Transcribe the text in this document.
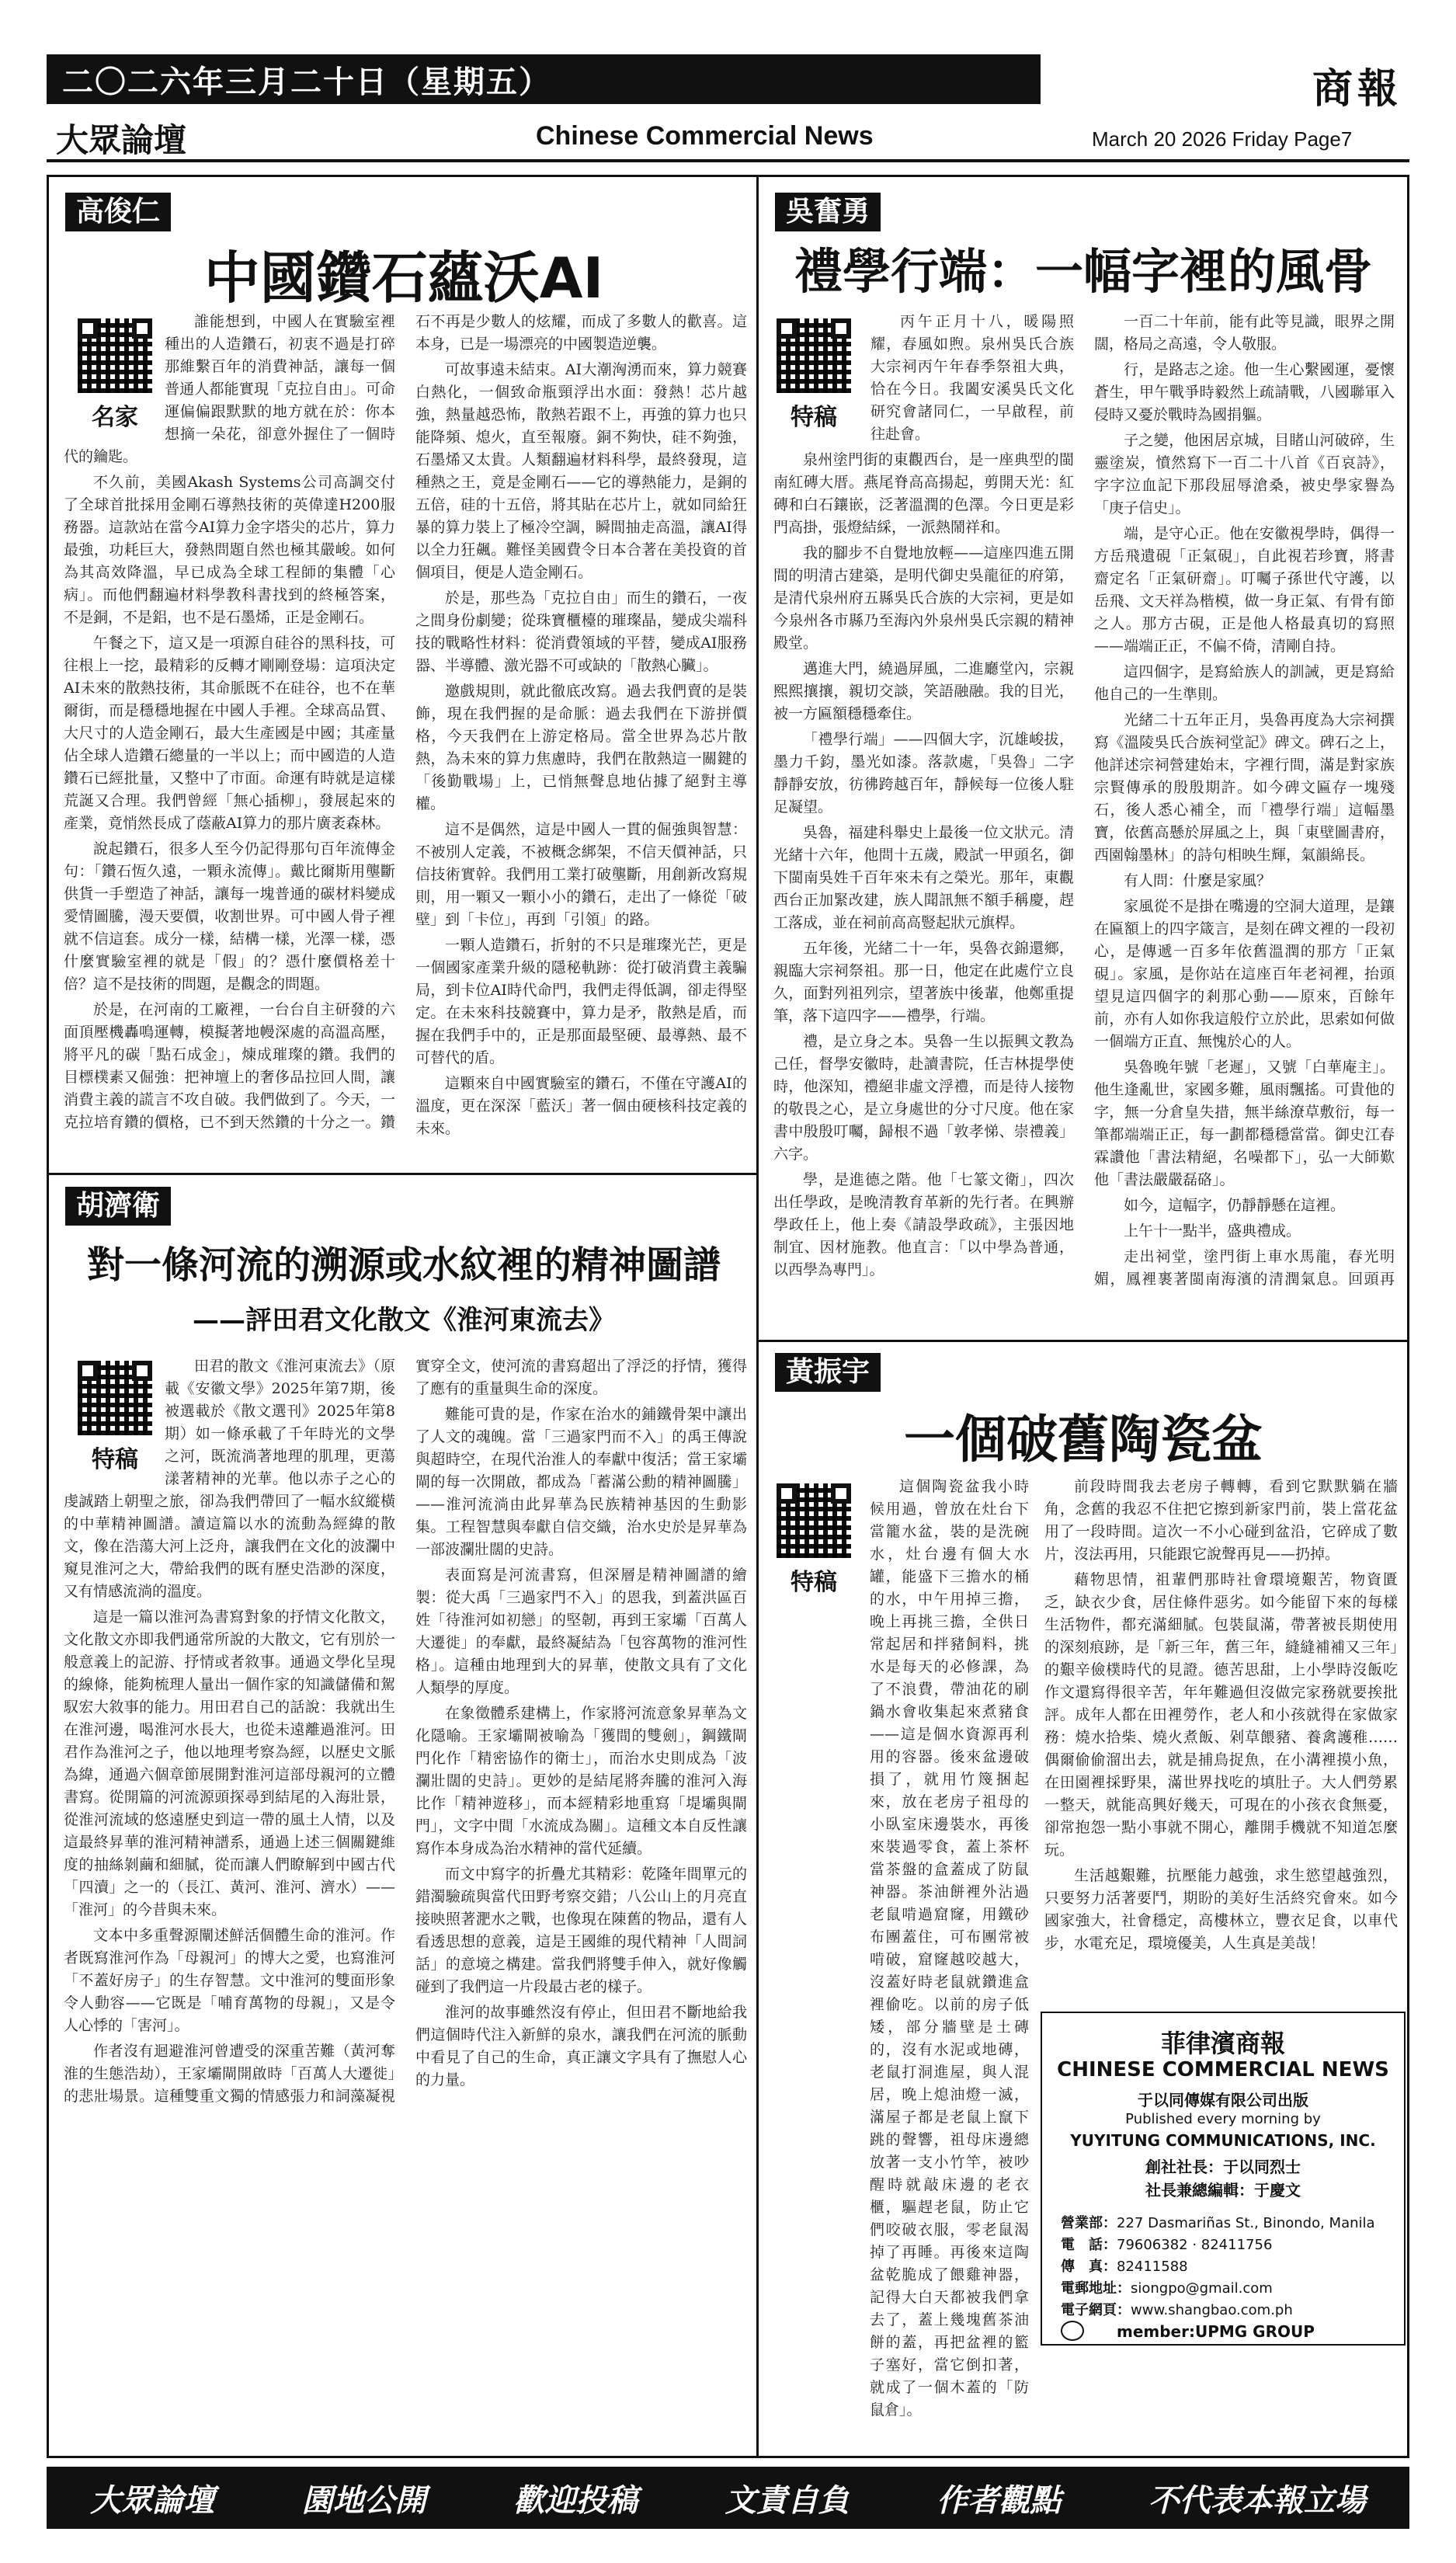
二〇二六年三月二十日（星期五）	商報
大眾論壇	Chinese Commercial News	March 20 2026 Friday Page7
高俊仁
中國鑽石蘊沃AI
名家

誰能想到，中國人在實驗室裡種出的人造鑽石，初衷不過是打碎那維繫百年的消費神話，讓每一個普通人都能實現「克拉自由」。可命運偏偏跟默默的地方就在於：你本想摘一朵花，卻意外握住了一個時代的鑰匙。

不久前，美國Akash Systems公司高調交付了全球首批採用金剛石導熱技術的英偉達H200服務器。這款站在當今AI算力金字塔尖的芯片，算力最強，功耗巨大，發熱問題自然也極其嚴峻。如何為其高效降溫，早已成為全球工程師的集體「心病」。而他們翻遍材料學教科書找到的終極答案，不是銅，不是鋁，也不是石墨烯，正是金剛石。

午餐之下，這又是一項源自硅谷的黑科技，可往根上一挖，最精彩的反轉才剛剛登場：這項決定AI未來的散熱技術，其命脈既不在硅谷，也不在華爾街，而是穩穩地握在中國人手裡。全球高品質、大尺寸的人造金剛石，最大生產國是中國；其產量佔全球人造鑽石總量的一半以上；而中國造的人造鑽石已經批量，又整中了市面。命運有時就是這樣荒誕又合理。我們曾經「無心插柳」，發展起來的產業，竟悄然長成了蔭蔽AI算力的那片廣袤森林。

說起鑽石，很多人至今仍記得那句百年流傳金句：「鑽石恆久遠，一顆永流傳」。戴比爾斯用壟斷供貨一手塑造了神話，讓每一塊普通的碳材料變成愛情圖騰，漫天要價，收割世界。可中國人骨子裡就不信這套。成分一樣，結構一樣，光澤一樣，憑什麼實驗室裡的就是「假」的？憑什麼價格差十倍？這不是技術的問題，是觀念的問題。

於是，在河南的工廠裡，一台台自主研發的六面頂壓機轟鳴運轉，模擬著地幔深處的高溫高壓，將平凡的碳「點石成金」，煉成璀璨的鑽。我們的目標樸素又倔強：把神壇上的奢侈品拉回人間，讓消費主義的謊言不攻自破。我們做到了。今天，一克拉培育鑽的價格，已不到天然鑽的十分之一。鑽石不再是少數人的炫耀，而成了多數人的歡喜。這本身，已是一場漂亮的中國製造逆襲。

可故事遠未結束。AI大潮洶湧而來，算力競賽白熱化，一個致命瓶頸浮出水面：發熱！芯片越強，熱量越恐怖，散熱若跟不上，再強的算力也只能降頻、熄火，直至報廢。銅不夠快，硅不夠強，石墨烯又太貴。人類翻遍材料科學，最終發現，這種熱之王，竟是金剛石——它的導熱能力，是銅的五倍，硅的十五倍，將其貼在芯片上，就如同給狂暴的算力裝上了極冷空調，瞬間抽走高溫，讓AI得以全力狂飆。難怪美國費令日本合著在美投資的首個項目，便是人造金剛石。

於是，那些為「克拉自由」而生的鑽石，一夜之間身份劇變；從珠寶櫃檯的璀璨晶，變成尖端科技的戰略性材料：從消費領域的平替，變成AI服務器、半導體、激光器不可或缺的「散熱心臟」。

邀戲規則，就此徹底改寫。過去我們賣的是裝飾，現在我們握的是命脈：過去我們在下游拼價格，今天我們在上游定格局。當全世界為芯片散熱，為未來的算力焦慮時，我們在散熱這一關鍵的「後勤戰場」上，已悄無聲息地佔據了絕對主導權。

這不是偶然，這是中國人一貫的倔強與智慧：不被別人定義，不被概念綁架，不信天價神話，只信技術實幹。我們用工業打破壟斷，用創新改寫規則，用一顆又一顆小小的鑽石，走出了一條從「破壁」到「卡位」，再到「引領」的路。

一顆人造鑽石，折射的不只是璀璨光芒，更是一個國家產業升級的隱秘軌跡：從打破消費主義騙局，到卡位AI時代命門，我們走得低調，卻走得堅定。在未來科技競賽中，算力是矛，散熱是盾，而握在我們手中的，正是那面最堅硬、最導熱、最不可替代的盾。

這顆來自中國實驗室的鑽石，不僅在守護AI的溫度，更在深深「藍沃」著一個由硬核科技定義的未來。

胡濟衛
對一條河流的溯源或水紋裡的精神圖譜
——評田君文化散文《淮河東流去》
特稿

田君的散文《淮河東流去》（原載《安徽文學》2025年第7期，後被選載於《散文選刊》2025年第8期）如一條承載了千年時光的文學之河，既流淌著地理的肌理，更蕩漾著精神的光華。他以赤子之心的虔誠踏上朝聖之旅，卻為我們帶回了一幅水紋縱橫的中華精神圖譜。讀這篇以水的流動為經緯的散文，像在浩蕩大河上泛舟，讓我們在文化的波瀾中窺見淮河之大，帶給我們的既有歷史浩渺的深度，又有情感流淌的溫度。

這是一篇以淮河為書寫對象的抒情文化散文，文化散文亦即我們通常所說的大散文，它有別於一般意義上的記游、抒情或者敘事。通過文學化呈現的線條，能夠梳理人量出一個作家的知識儲備和駕馭宏大敘事的能力。用田君自己的話說：我就出生在淮河邊，喝淮河水長大，也從未遠離過淮河。田君作為淮河之子，他以地理考察為經，以歷史文脈為緯，通過六個章節展開對淮河這部母親河的立體書寫。從開篇的河流源頭探尋到結尾的入海壯景，從淮河流域的悠遠歷史到這一帶的風土人情，以及這最終昇華的淮河精神譜系，通過上述三個關鍵維度的抽絲剝繭和細膩，從而讓人們瞭解到中國古代「四瀆」之一的（長江、黃河、淮河、濟水）——「淮河」的今昔與未來。

文本中多重聲源闡述鮮活個體生命的淮河。作者既寫淮河作為「母親河」的博大之愛，也寫淮河「不蓋好房子」的生存智慧。文中淮河的雙面形象令人動容——它既是「哺育萬物的母親」，又是令人心悸的「害河」。

作者沒有迴避淮河曾遭受的深重苦難（黃河奪淮的生態浩劫），王家壩閘開啟時「百萬人大遷徙」的悲壯場景。這種雙重文獨的情感張力和詞藻凝視實穿全文，使河流的書寫超出了浮泛的抒情，獲得了應有的重量與生命的深度。

難能可貴的是，作家在治水的鋪鐵骨架中讓出了人文的魂魄。當「三過家門而不入」的禹王傳說與超時空，在現代治淮人的奉獻中復活；當王家壩閘的每一次開啟，都成為「蓄滿公勳的精神圖騰」——淮河流淌由此昇華為民族精神基因的生動影集。工程智慧與奉獻自信交織，治水史於是昇華為一部波瀾壯闊的史詩。

表面寫是河流書寫，但深層是精神圖譜的繪製：從大禹「三過家門不入」的恩我，到蓋洪區百姓「待淮河如初戀」的堅韌，再到王家壩「百萬人大遷徙」的奉獻，最終凝結為「包容萬物的淮河性格」。這種由地理到大的昇華，使散文具有了文化人類學的厚度。

在象徵體系建構上，作家將河流意象昇華為文化隱喻。王家壩閘被喻為「獲間的雙劍」，鋼鐵閘門化作「精密協作的衛士」，而治水史則成為「波瀾壯闊的史詩」。更妙的是結尾將奔騰的淮河入海比作「精神遊移」，而本經精彩地重寫「堤壩與閘門」，文字中間「水流成為關」。這種文本自反性讓寫作本身成為治水精神的當代延續。

而文中寫字的折疊尤其精彩：乾隆年間單元的錯濁驗疏與當代田野考察交錯；八公山上的月亮直接映照著淝水之戰，也像現在陳舊的物品，還有人看透思想的意義，這是王國維的現代精神「人間詞話」的意境之構建。當我們將雙手伸入，就好像觸碰到了我們這一片段最古老的樣子。

淮河的故事雖然沒有停止，但田君不斷地給我們這個時代注入新鮮的泉水，讓我們在河流的脈動中看見了自己的生命，真正讓文字具有了撫慰人心的力量。

吳奮勇
禮學行端：一幅字裡的風骨
特稿

丙午正月十八，暖陽照耀，春風如煦。泉州吳氏合族大宗祠丙午年春季祭祖大典，恰在今日。我闔安溪吳氏文化研究會諸同仁，一早啟程，前往赴會。

泉州塗門街的東觀西台，是一座典型的閩南紅磚大厝。燕尾脊高高揚起，剪開天光：紅磚和白石鑲嵌，泛著溫潤的色澤。今日更是彩門高掛，張燈結綵，一派熱鬧祥和。

我的腳步不自覺地放輕——這座四進五開間的明清古建築，是明代御史吳龍征的府第，是清代泉州府五縣吳氏合族的大宗祠，更是如今泉州各市縣乃至海內外泉州吳氏宗親的精神殿堂。

邁進大門，繞過屏風，二進廳堂內，宗親熙熙攘攘，親切交談，笑語融融。我的目光，被一方匾額穩穩牽住。

「禮學行端」——四個大字，沉雄峻拔，墨力千鈞，墨光如漆。落款處，「吳魯」二字靜靜安放，彷彿跨越百年，靜候每一位後人駐足凝望。

吳魯，福建科舉史上最後一位文狀元。清光緒十六年，他問十五歲，殿試一甲頭名，御下閩南吳姓千百年來未有之榮光。那年，東觀西台正加緊改建，族人聞訊無不額手稱慶，趕工落成，並在祠前高高豎起狀元旗桿。

五年後，光緒二十一年，吳魯衣錦還鄉，親臨大宗祠祭祖。那一日，他定在此處佇立良久，面對列祖列宗，望著族中後輩，他鄭重提筆，落下這四字——禮學，行端。

禮，是立身之本。吳魯一生以振興文教為己任，督學安徽時，赴讀書院，任吉林提學使時，他深知，禮絕非虛文浮禮，而是待人接物的敬畏之心，是立身處世的分寸尺度。他在家書中殷殷叮囑，歸根不過「敦孝悌、崇禮義」六字。

學，是進德之階。他「七篆文衛」，四次出任學政，是晚清教育革新的先行者。在興辦學政任上，他上奏《請設學政疏》，主張因地制宜、因材施教。他直言：「以中學為普通，以西學為專門」。

一百二十年前，能有此等見識，眼界之開闊，格局之高遠，令人敬服。

行，是路志之途。他一生心繫國運，憂懷蒼生，甲午戰爭時毅然上疏請戰，八國聯軍入侵時又憂於戰時為國捐軀。

子之變，他困居京城，目睹山河破碎，生靈塗炭，憤然寫下一百二十八首《百哀詩》，字字泣血記下那段屈辱滄桑，被史學家譽為「庚子信史」。

端，是守心正。他在安徽視學時，偶得一方岳飛遺硯「正氣硯」，自此視若珍寶，將書齋定名「正氣研齋」。叮囑子孫世代守護，以岳飛、文天祥為楷模，做一身正氣、有骨有節之人。那方古硯，正是他人格最真切的寫照——端端正正，不偏不倚，清剛自持。

這四個字，是寫給族人的訓誡，更是寫給他自己的一生準則。

光緒二十五年正月，吳魯再度為大宗祠撰寫《溫陵吳氏合族祠堂記》碑文。碑石之上，他詳述宗祠營建始末，字裡行間，滿是對家族宗賢傳承的殷殷期許。如今碑文匾存一塊殘石，後人悉心補全，而「禮學行端」這幅墨寶，依舊高懸於屏風之上，與「東壁圖書府，西園翰墨林」的詩句相映生輝，氣韻綿長。

有人問：什麼是家風？

家風從不是掛在嘴邊的空洞大道理，是鑲在匾額上的四字箴言，是刻在碑文裡的一段初心，是傳遞一百多年依舊溫潤的那方「正氣硯」。家風，是你站在這座百年老祠裡，抬頭望見這四個字的剎那心動——原來，百餘年前，亦有人如你我這般佇立於此，思索如何做一個端方正直、無愧於心的人。

吳魯晚年號「老遲」，又號「白華庵主」。他生逢亂世，家國多難，風雨飄搖。可貴他的字，無一分倉皇失措，無半絲潦草敷衍，每一筆都端端正正，每一劃都穩穩當當。御史江春霖讚他「書法精絕，名噪都下」，弘一大師歎他「書法嚴嚴磊硌」。

如今，這幅字，仍靜靜懸在這裡。

上午十一點半，盛典禮成。

走出祠堂，塗門街上車水馬龍，春光明媚，鳳裡裹著閩南海濱的清潤氣息。回頭再

黃振宇
一個破舊陶瓷盆
特稿

這個陶瓷盆我小時候用過，曾放在灶台下當籠水盆，裝的是洗碗水，灶台邊有個大水罐，能盛下三擔水的桶的水，中午用掉三擔，晚上再挑三擔，全供日常起居和拌豬飼料，挑水是每天的必修課，為了不浪費，帶油花的刷鍋水會收集起來煮豬食——這是個水資源再利用的容器。後來盆邊破損了，就用竹篾捆起來，放在老房子祖母的小臥室床邊裝水，再後來裝過零食，蓋上茶杯當茶盤的盒蓋成了防鼠神器。茶油餅裡外沾過老鼠啃過窟窿，用鐵砂布團蓋住，可布團常被啃破，窟窿越咬越大，沒蓋好時老鼠就鑽進盒裡偷吃。以前的房子低矮，部分牆壁是土磚的，沒有水泥或地磚，老鼠打洞進屋，與人混居，晚上熄油燈一滅，滿屋子都是老鼠上竄下跳的聲響，祖母床邊總放著一支小竹竿，被吵醒時就敲床邊的老衣櫃，驅趕老鼠，防止它們咬破衣服，零老鼠渴掉了再睡。再後來這陶盆乾脆成了餵雞神器，記得大白天都被我們拿去了，蓋上幾塊舊茶油餅的蓋，再把盆裡的籃子塞好，當它倒扣著，就成了一個木蓋的「防鼠倉」。

前段時間我去老房子轉轉，看到它默默躺在牆角，念舊的我忍不住把它擦到新家門前，裝上當花盆用了一段時間。這次一不小心碰到盆沿，它碎成了數片，沒法再用，只能跟它說聲再見——扔掉。

藉物思情，祖輩們那時社會環境艱苦，物資匱乏，缺衣少食，居住條件惡劣。如今能留下來的每樣生活物件，都充滿細膩。包裝鼠滿，帶著被長期使用的深刻痕跡，是「新三年，舊三年，縫縫補補又三年」的艱辛儉樸時代的見證。德苦思甜，上小學時沒飯吃作文還寫得很辛苦，年年難過但沒做完家務就要挨批評。成年人都在田裡勞作，老人和小孩就得在家做家務：燒水拾柴、燒火煮飯、剁草餵豬、養禽護稚……偶爾偷偷溜出去，就是捕鳥捉魚，在小溝裡摸小魚，在田園裡採野果，滿世界找吃的填肚子。大人們勞累一整天，就能高興好幾天，可現在的小孩衣食無憂，卻常抱怨一點小事就不開心，離開手機就不知道怎麼玩。

生活越艱難，抗壓能力越強，求生慾望越強烈，只要努力活著要鬥，期盼的美好生活終究會來。如今國家強大，社會穩定，高樓林立，豐衣足食，以車代步，水電充足，環境優美，人生真是美哉！

菲律濱商報
CHINESE COMMERCIAL NEWS
于以同傳媒有限公司出版
Published every morning by
YUYITUNG COMMUNICATIONS, INC.
創社社長：于以同烈士
社長兼總編輯：于慶文
營業部：227 Dasmariñas St., Binondo, Manila
電　話：79606382 · 82411756
傳　真：82411588
電郵地址：siongpo@gmail.com
電子網頁：www.shangbao.com.ph
member:UPMG GROUP
大眾論壇	園地公開	歡迎投稿	文責自負	作者觀點	不代表本報立場
